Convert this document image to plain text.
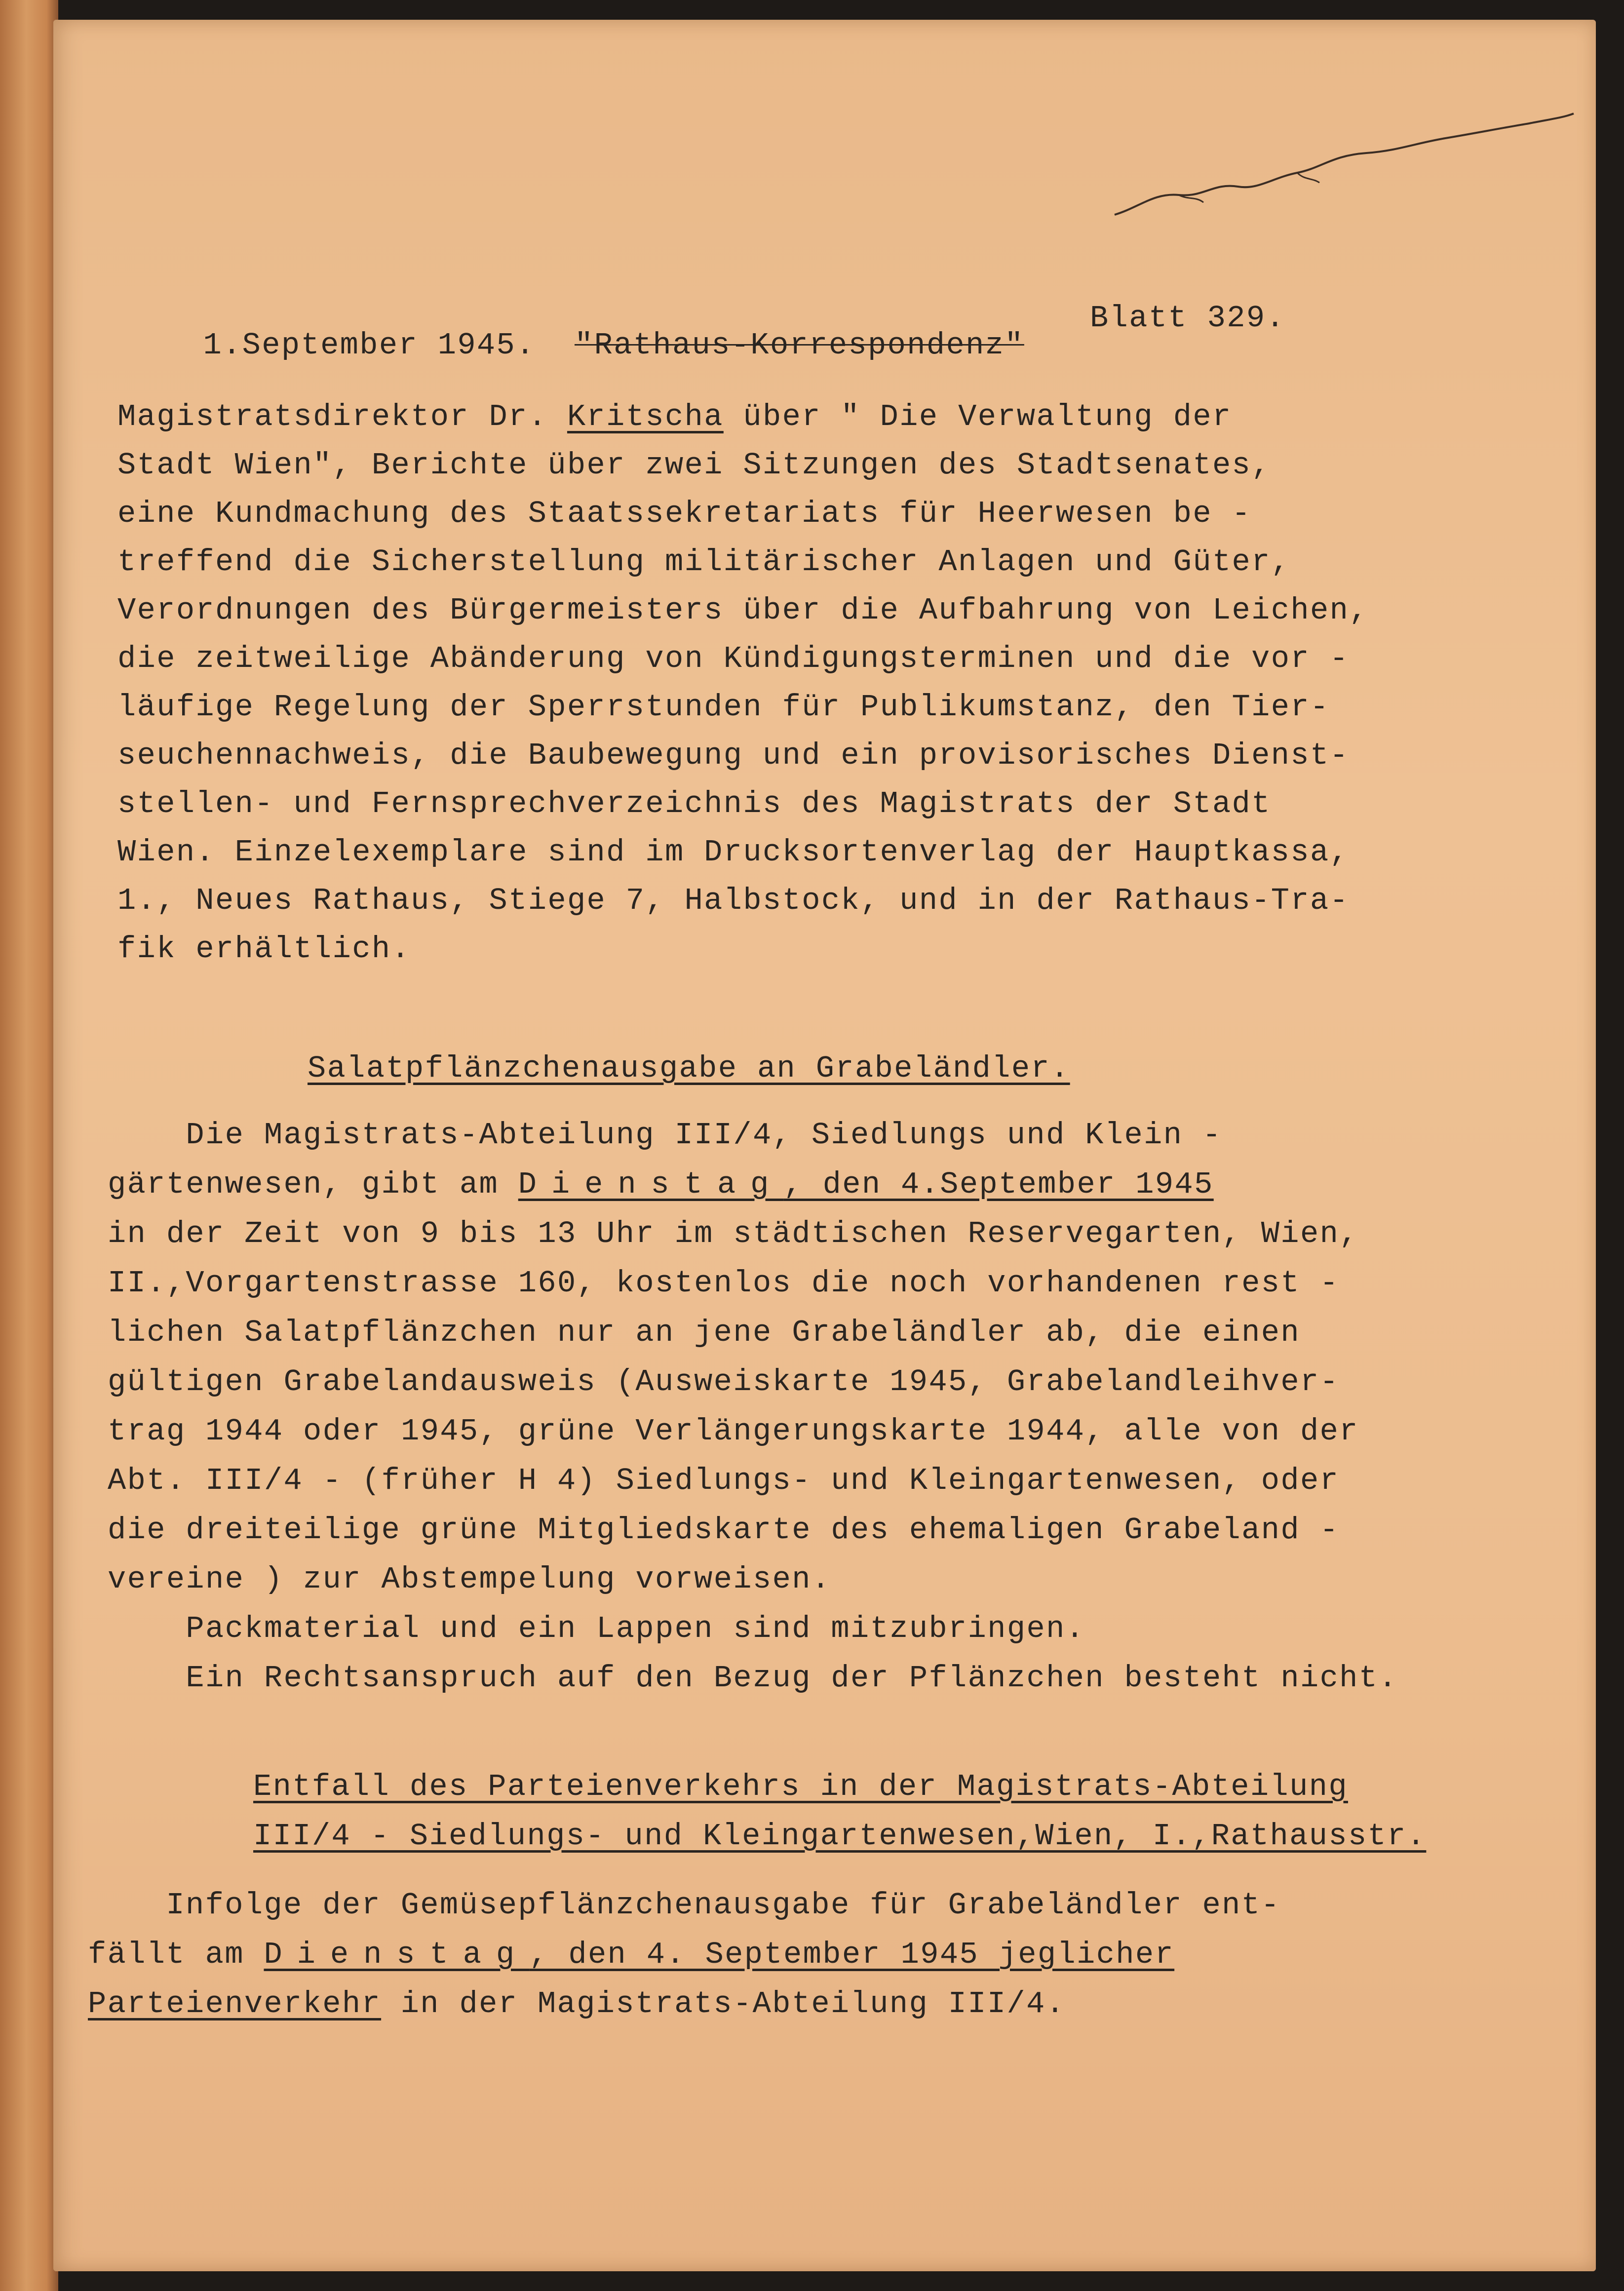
1.September 1945. "Rathaus-Korrespondenz"

Blatt 329.
Magistratsdirektor Dr. Kritscha über " Die Verwaltung der
Stadt Wien", Berichte über zwei Sitzungen des Stadtsenates,
eine Kundmachung des Staatssekretariats für Heerwesen be -
treffend die Sicherstellung militärischer Anlagen und Güter,
Verordnungen des Bürgermeisters über die Aufbahrung von Leichen,
die zeitweilige Abänderung von Kündigungsterminen und die vor -
läufige Regelung der Sperrstunden für Publikumstanz, den Tier-
seuchennachweis, die Baubewegung und ein provisorisches Dienst-
stellen- und Fernsprechverzeichnis des Magistrats der Stadt
Wien. Einzelexemplare sind im Drucksortenverlag der Hauptkassa,
1., Neues Rathaus, Stiege 7, Halbstock, und in der Rathaus-Tra-
fik erhältlich.
Salatpflänzchenausgabe an Grabeländler.
Die Magistrats-Abteilung III/4, Siedlungs und Klein -
gärtenwesen, gibt am Dienstag, den 4.September 1945
in der Zeit von 9 bis 13 Uhr im städtischen Reservegarten, Wien,
II.,Vorgartenstrasse 160, kostenlos die noch vorhandenen rest -
lichen Salatpflänzchen nur an jene Grabeländler ab, die einen
gültigen Grabelandausweis (Ausweiskarte 1945, Grabelandleihver-
trag 1944 oder 1945, grüne Verlängerungskarte 1944, alle von der
Abt. III/4 - (früher H 4) Siedlungs- und Kleingartenwesen, oder
die dreiteilige grüne Mitgliedskarte des ehemaligen Grabeland -
vereine ) zur Abstempelung vorweisen.
Packmaterial und ein Lappen sind mitzubringen.
Ein Rechtsanspruch auf den Bezug der Pflänzchen besteht nicht.
Entfall des Parteienverkehrs in der Magistrats-Abteilung
III/4 - Siedlungs- und Kleingartenwesen,Wien, I.,Rathausstr.
Infolge der Gemüsepflänzchenausgabe für Grabeländler ent-
fällt am Dienstag, den 4. September 1945 jeglicher
Parteienverkehr in der Magistrats-Abteilung III/4.
